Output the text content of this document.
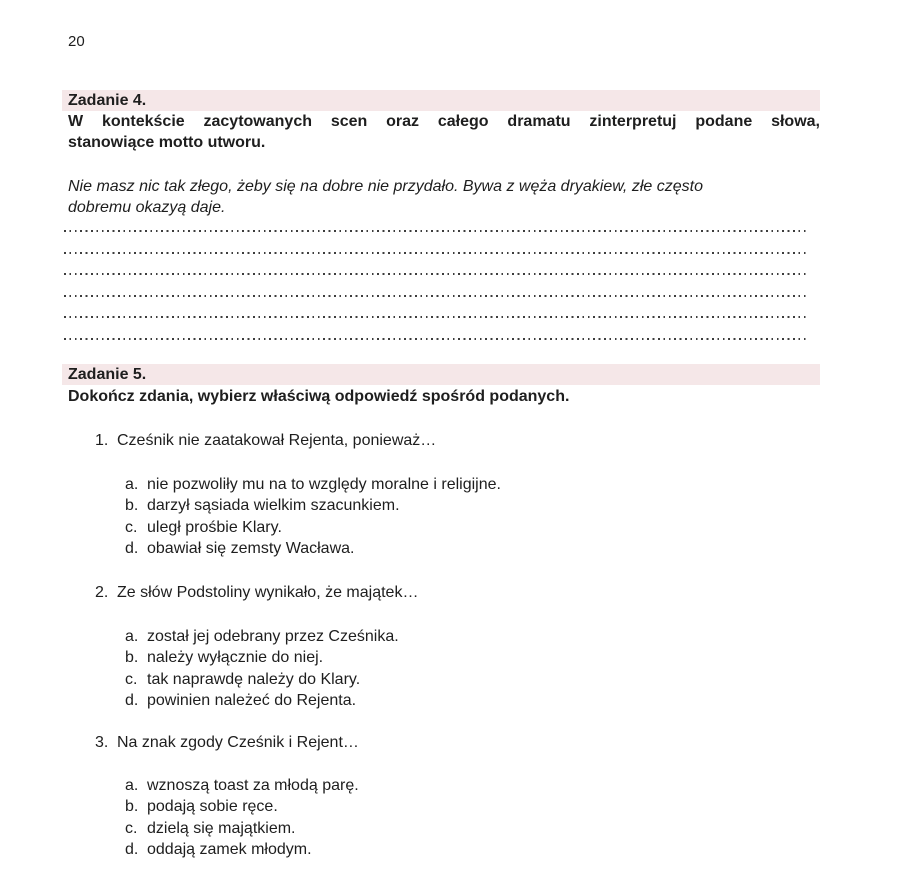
20
Zadanie 4.
W kontekście zacytowanych scen oraz całego dramatu zinterpretuj podane słowa,
stanowiące motto utworu.
Nie masz nic tak złego, żeby się na dobre nie przydało. Bywa z węża dryakiew, złe często
dobremu okazyą daje.
Zadanie 5.
Dokończ zdania, wybierz właściwą odpowiedź spośród podanych.
1. Cześnik nie zaatakował Rejenta, ponieważ…
a. nie pozwoliły mu na to względy moralne i religijne.
b. darzył sąsiada wielkim szacunkiem.
c. uległ prośbie Klary.
d. obawiał się zemsty Wacława.
2. Ze słów Podstoliny wynikało, że majątek…
a. został jej odebrany przez Cześnika.
b. należy wyłącznie do niej.
c. tak naprawdę należy do Klary.
d. powinien należeć do Rejenta.
3. Na znak zgody Cześnik i Rejent…
a. wznoszą toast za młodą parę.
b. podają sobie ręce.
c. dzielą się majątkiem.
d. oddają zamek młodym.
